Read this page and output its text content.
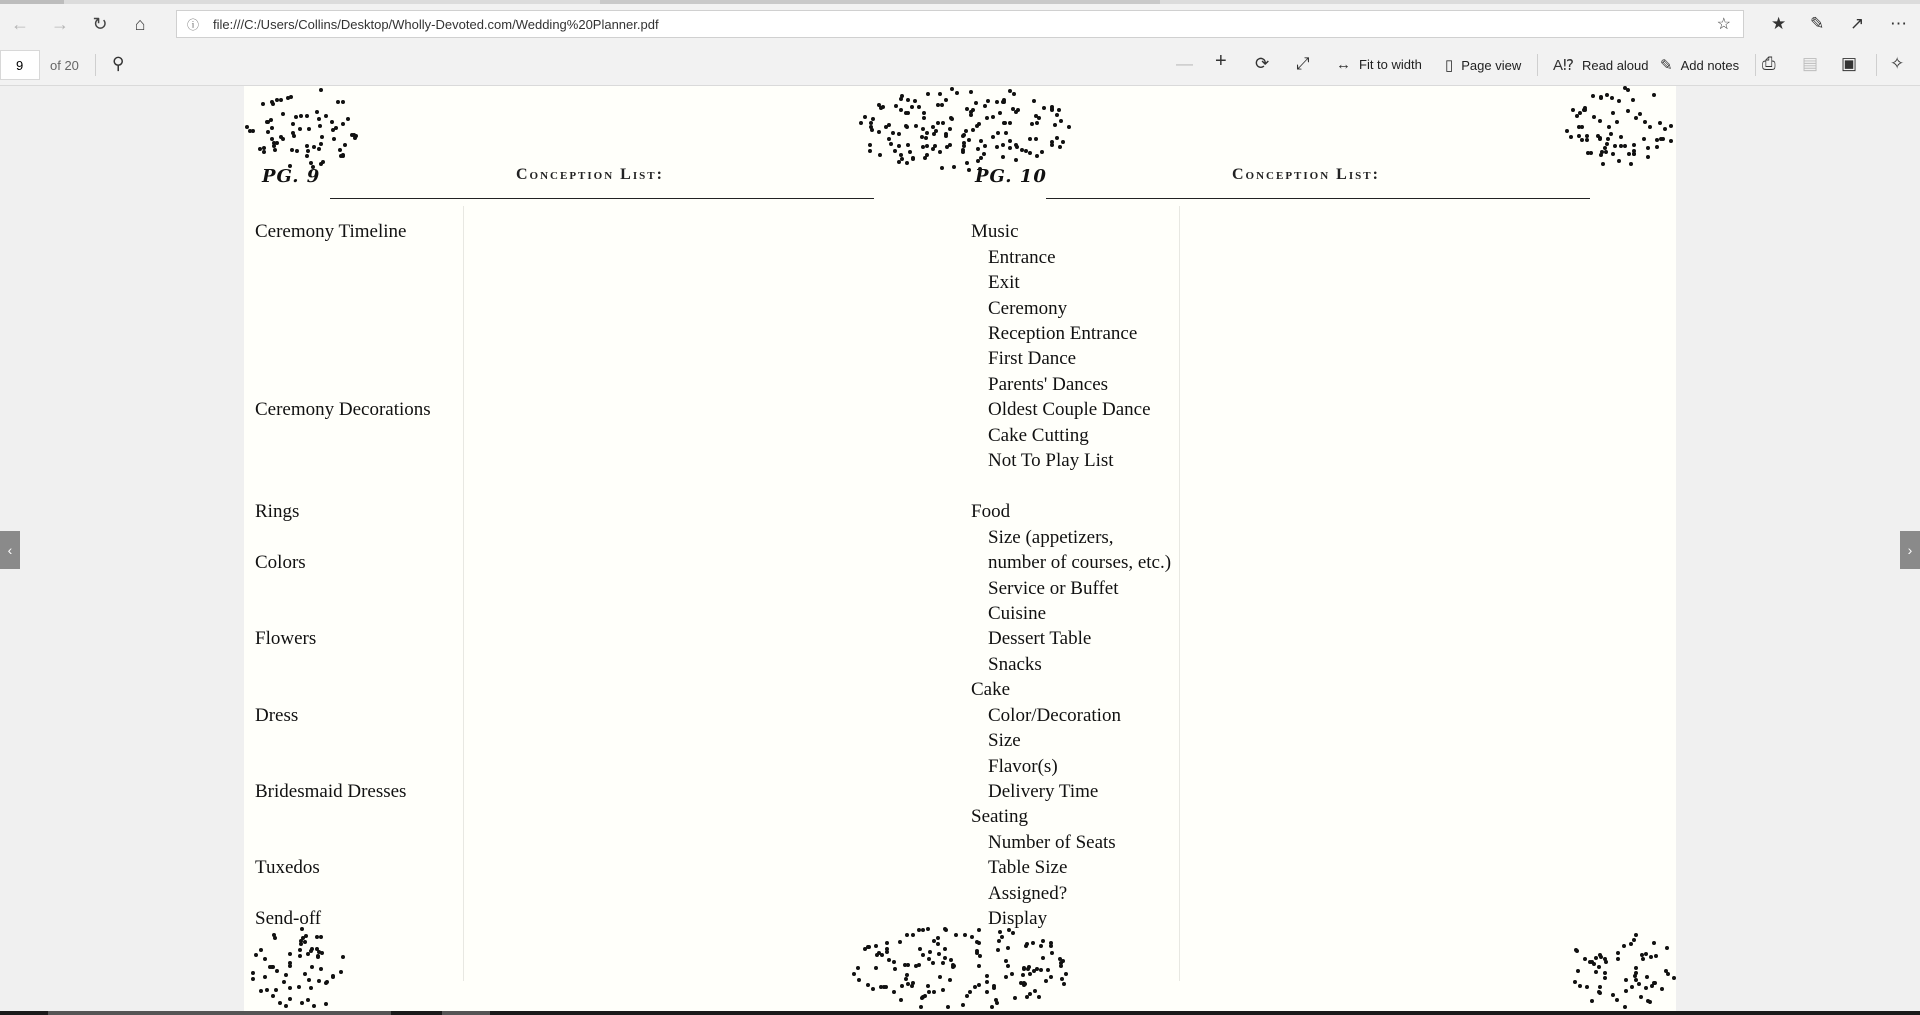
← → ↻	⌂	ⓘ file:///C:/Users/Collins/Desktop/Wholly-Devoted.com/Wedding%20Planner.pdf	☆ ★ ✎ ↗ ⋯
9	of 20 ⚲	— + ⟳ ⤢ ↔ Fit to width ▯ Page view A⁉ Read aloud ✎ Add notes ⎙ ▤ ▣ ✧
‹	›
PG. 9	Conception List:
Ceremony Timeline
Ceremony Decorations
Rings
Colors
Flowers
Dress
Bridesmaid Dresses
Tuxedos
Send-off
PG. 10	Conception List:
Music
Entrance
Exit
Ceremony
Reception Entrance
First Dance
Parents' Dances
Oldest Couple Dance
Cake Cutting
Not To Play List
Food
Size (appetizers,
number of courses, etc.)
Service or Buffet
Cuisine
Dessert Table
Snacks
Cake
Color/Decoration
Size
Flavor(s)
Delivery Time
Seating
Number of Seats
Table Size
Assigned?
Display
